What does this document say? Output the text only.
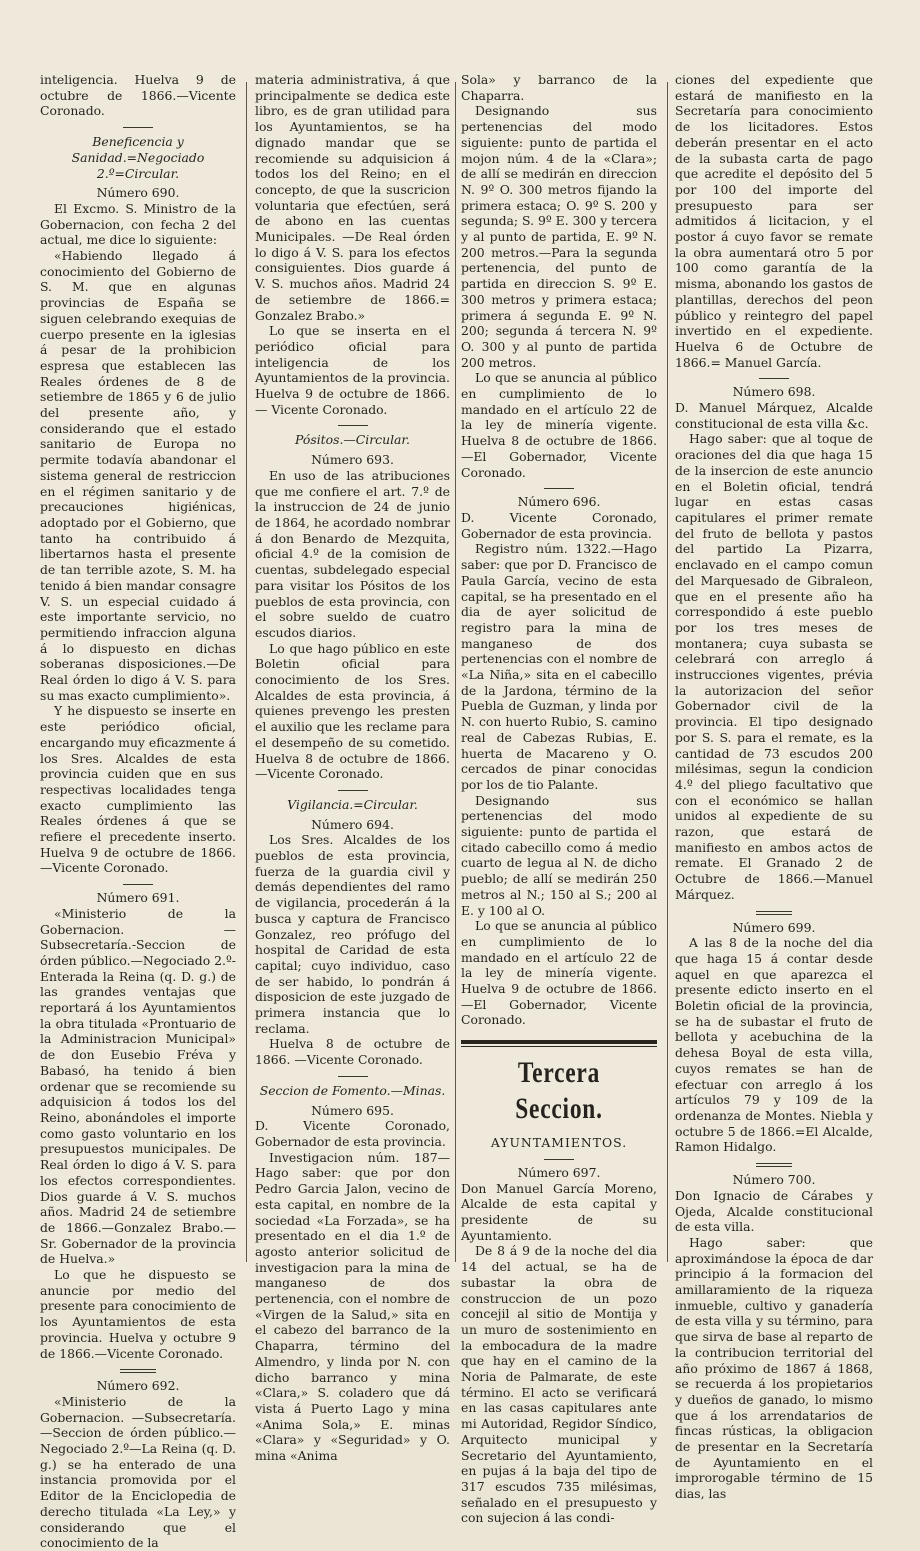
inteligencia. Huelva 9 de octubre de 1866.—Vicente Coronado.

Beneficencia y Sanidad.=Negociado 2.º=Circular.

Número 690.

El Excmo. S. Ministro de la Gobernacion, con fecha 2 del actual, me dice lo siguiente:

«Habiendo llegado á conocimiento del Gobierno de S. M. que en algunas provincias de España se siguen celebrando exequias de cuerpo presente en la iglesias á pesar de la prohibicion espresa que establecen las Reales órdenes de 8 de setiembre de 1865 y 6 de julio del presente año, y considerando que el estado sanitario de Europa no permite todavía abandonar el sistema general de restriccion en el régimen sanitario y de precauciones higiénicas, adoptado por el Gobierno, que tanto ha contribuido á libertarnos hasta el presente de tan terrible azote, S. M. ha tenido á bien mandar consagre V. S. un especial cuidado á este importante servicio, no permitiendo infraccion alguna á lo dispuesto en dichas soberanas disposiciones.—De Real órden lo digo á V. S. para su mas exacto cumplimiento».

Y he dispuesto se inserte en este periódico oficial, encargando muy eficazmente á los Sres. Alcaldes de esta provincia cuiden que en sus respectivas localidades tenga exacto cumplimiento las Reales órdenes á que se refiere el precedente inserto. Huelva 9 de octubre de 1866. —Vicente Coronado.

Número 691.

«Ministerio de la Gobernacion. —Subsecretaría.-Seccion de órden público.—Negociado 2.º-Enterada la Reina (q. D. g.) de las grandes ventajas que reportará á los Ayuntamientos la obra titulada «Prontuario de la Administracion Municipal» de don Eusebio Fréva y Babasó, ha tenido á bien ordenar que se recomiende su adquisicion á todos los del Reino, abonándoles el importe como gasto voluntario en los presupuestos municipales. De Real órden lo digo á V. S. para los efectos correspondientes. Dios guarde á V. S. muchos años. Madrid 24 de setiembre de 1866.—Gonzalez Brabo.—Sr. Gobernador de la provincia de Huelva.»

Lo que he dispuesto se anuncie por medio del presente para conocimiento de los Ayuntamientos de esta provincia. Huelva y octubre 9 de 1866.—Vicente Coronado.

Número 692.

«Ministerio de la Gobernacion. —Subsecretaría.—Seccion de órden público.—Negociado 2.º—La Reina (q. D. g.) se ha enterado de una instancia promovida por el Editor de la Enciclopedia de derecho titulada «La Ley,» y considerando que el conocimiento de la

materia administrativa, á que principalmente se dedica este libro, es de gran utilidad para los Ayuntamientos, se ha dignado mandar que se recomiende su adquisicion á todos los del Reino; en el concepto, de que la suscricion voluntaria que efectúen, será de abono en las cuentas Municipales. —De Real órden lo digo á V. S. para los efectos consiguientes. Dios guarde á V. S. muchos años. Madrid 24 de setiembre de 1866.= Gonzalez Brabo.»

Lo que se inserta en el periódico oficial para inteligencia de los Ayuntamientos de la provincia. Huelva 9 de octubre de 1866.— Vicente Coronado.

Pósitos.—Circular.

Número 693.

En uso de las atribuciones que me confiere el art. 7.º de la instruccion de 24 de junio de 1864, he acordado nombrar á don Benardo de Mezquita, oficial 4.º de la comision de cuentas, subdelegado especial para visitar los Pósitos de los pueblos de esta provincia, con el sobre sueldo de cuatro escudos diarios.

Lo que hago público en este Boletin oficial para conocimiento de los Sres. Alcaldes de esta provincia, á quienes prevengo les presten el auxilio que les reclame para el desempeño de su cometido. Huelva 8 de octubre de 1866.—Vicente Coronado.

Vigilancia.=Circular.

Número 694.

Los Sres. Alcaldes de los pueblos de esta provincia, fuerza de la guardia civil y demás dependientes del ramo de vigilancia, procederán á la busca y captura de Francisco Gonzalez, reo prófugo del hospital de Caridad de esta capital; cuyo individuo, caso de ser habido, lo pondrán á disposicion de este juzgado de primera instancia que lo reclama.

Huelva 8 de octubre de 1866. —Vicente Coronado.

Seccion de Fomento.—Minas.

Número 695.

D. Vicente Coronado, Gobernador de esta provincia.

Investigacion núm. 187—Hago saber: que por don Pedro Garcia Jalon, vecino de esta capital, en nombre de la sociedad «La Forzada», se ha presentado en el dia 1.º de agosto anterior solicitud de investigacion para la mina de manganeso de dos pertenencia, con el nombre de «Virgen de la Salud,» sita en el cabezo del barranco de la Chaparra, término del Almendro, y linda por N. con dicho barranco y mina «Clara,» S. coladero que dá vista á Puerto Lago y mina «Anima Sola,» E. minas «Clara» y «Seguridad» y O. mina «Anima

Sola» y barranco de la Chaparra.

Designando sus pertenencias del modo siguiente: punto de partida el mojon núm. 4 de la «Clara»; de allí se medirán en direccion N. 9º O. 300 metros fijando la primera estaca; O. 9º S. 200 y segunda; S. 9º E. 300 y tercera y al punto de partida, E. 9º N. 200 metros.—Para la segunda pertenencia, del punto de partida en direccion S. 9º E. 300 metros y primera estaca; primera á segunda E. 9º N. 200; segunda á tercera N. 9º O. 300 y al punto de partida 200 metros.

Lo que se anuncia al público en cumplimiento de lo mandado en el artículo 22 de la ley de minería vigente. Huelva 8 de octubre de 1866.—El Gobernador, Vicente Coronado.

Número 696.

D. Vicente Coronado, Gobernador de esta provincia.

Registro núm. 1322.—Hago saber: que por D. Francisco de Paula García, vecino de esta capital, se ha presentado en el dia de ayer solicitud de registro para la mina de manganeso de dos pertenencias con el nombre de «La Niña,» sita en el cabecillo de la Jardona, término de la Puebla de Guzman, y linda por N. con huerto Rubio, S. camino real de Cabezas Rubias, E. huerta de Macareno y O. cercados de pinar conocidas por los de tio Palante.

Designando sus pertenencias del modo siguiente: punto de partida el citado cabecillo como á medio cuarto de legua al N. de dicho pueblo; de allí se medirán 250 metros al N.; 150 al S.; 200 al E. y 100 al O.

Lo que se anuncia al público en cumplimiento de lo mandado en el artículo 22 de la ley de minería vigente. Huelva 9 de octubre de 1866.—El Gobernador, Vicente Coronado.

Tercera Seccion.

AYUNTAMIENTOS.

Número 697.

Don Manuel García Moreno, Alcalde de esta capital y presidente de su Ayuntamiento.

De 8 á 9 de la noche del dia 14 del actual, se ha de subastar la obra de construccion de un pozo concejil al sitio de Montija y un muro de sostenimiento en la embocadura de la madre que hay en el camino de la Noria de Palmarate, de este término. El acto se verificará en las casas capitulares ante mi Autoridad, Regidor Síndico, Arquitecto municipal y Secretario del Ayuntamiento, en pujas á la baja del tipo de 317 escudos 735 milésimas, señalado en el presupuesto y con sujecion á las condi-

ciones del expediente que estará de manifiesto en la Secretaría para conocimiento de los licitadores. Estos deberán presentar en el acto de la subasta carta de pago que acredite el depósito del 5 por 100 del importe del presupuesto para ser admitidos á licitacion, y el postor á cuyo favor se remate la obra aumentará otro 5 por 100 como garantía de la misma, abonando los gastos de plantillas, derechos del peon público y reintegro del papel invertido en el expediente. Huelva 6 de Octubre de 1866.= Manuel García.

Número 698.

D. Manuel Márquez, Alcalde constitucional de esta villa &c.

Hago saber: que al toque de oraciones del dia que haga 15 de la insercion de este anuncio en el Boletin oficial, tendrá lugar en estas casas capitulares el primer remate del fruto de bellota y pastos del partido La Pizarra, enclavado en el campo comun del Marquesado de Gibraleon, que en el presente año ha correspondido á este pueblo por los tres meses de montanera; cuya subasta se celebrará con arreglo á instrucciones vigentes, prévia la autorizacion del señor Gobernador civil de la provincia. El tipo designado por S. S. para el remate, es la cantidad de 73 escudos 200 milésimas, segun la condicion 4.º del pliego facultativo que con el económico se hallan unidos al expediente de su razon, que estará de manifiesto en ambos actos de remate. El Granado 2 de Octubre de 1866.—Manuel Márquez.

Número 699.

A las 8 de la noche del dia que haga 15 á contar desde aquel en que aparezca el presente edicto inserto en el Boletin oficial de la provincia, se ha de subastar el fruto de bellota y acebuchina de la dehesa Boyal de esta villa, cuyos remates se han de efectuar con arreglo á los artículos 79 y 109 de la ordenanza de Montes. Niebla y octubre 5 de 1866.=El Alcalde, Ramon Hidalgo.

Número 700.

Don Ignacio de Cárabes y Ojeda, Alcalde constitucional de esta villa.

Hago saber: que aproximándose la época de dar principio á la formacion del amillaramiento de la riqueza inmueble, cultivo y ganadería de esta villa y su término, para que sirva de base al reparto de la contribucion territorial del año próximo de 1867 á 1868, se recuerda á los propietarios y dueños de ganado, lo mismo que á los arrendatarios de fincas rústicas, la obligacion de presentar en la Secretaría de Ayuntamiento en el improrogable término de 15 dias, las
